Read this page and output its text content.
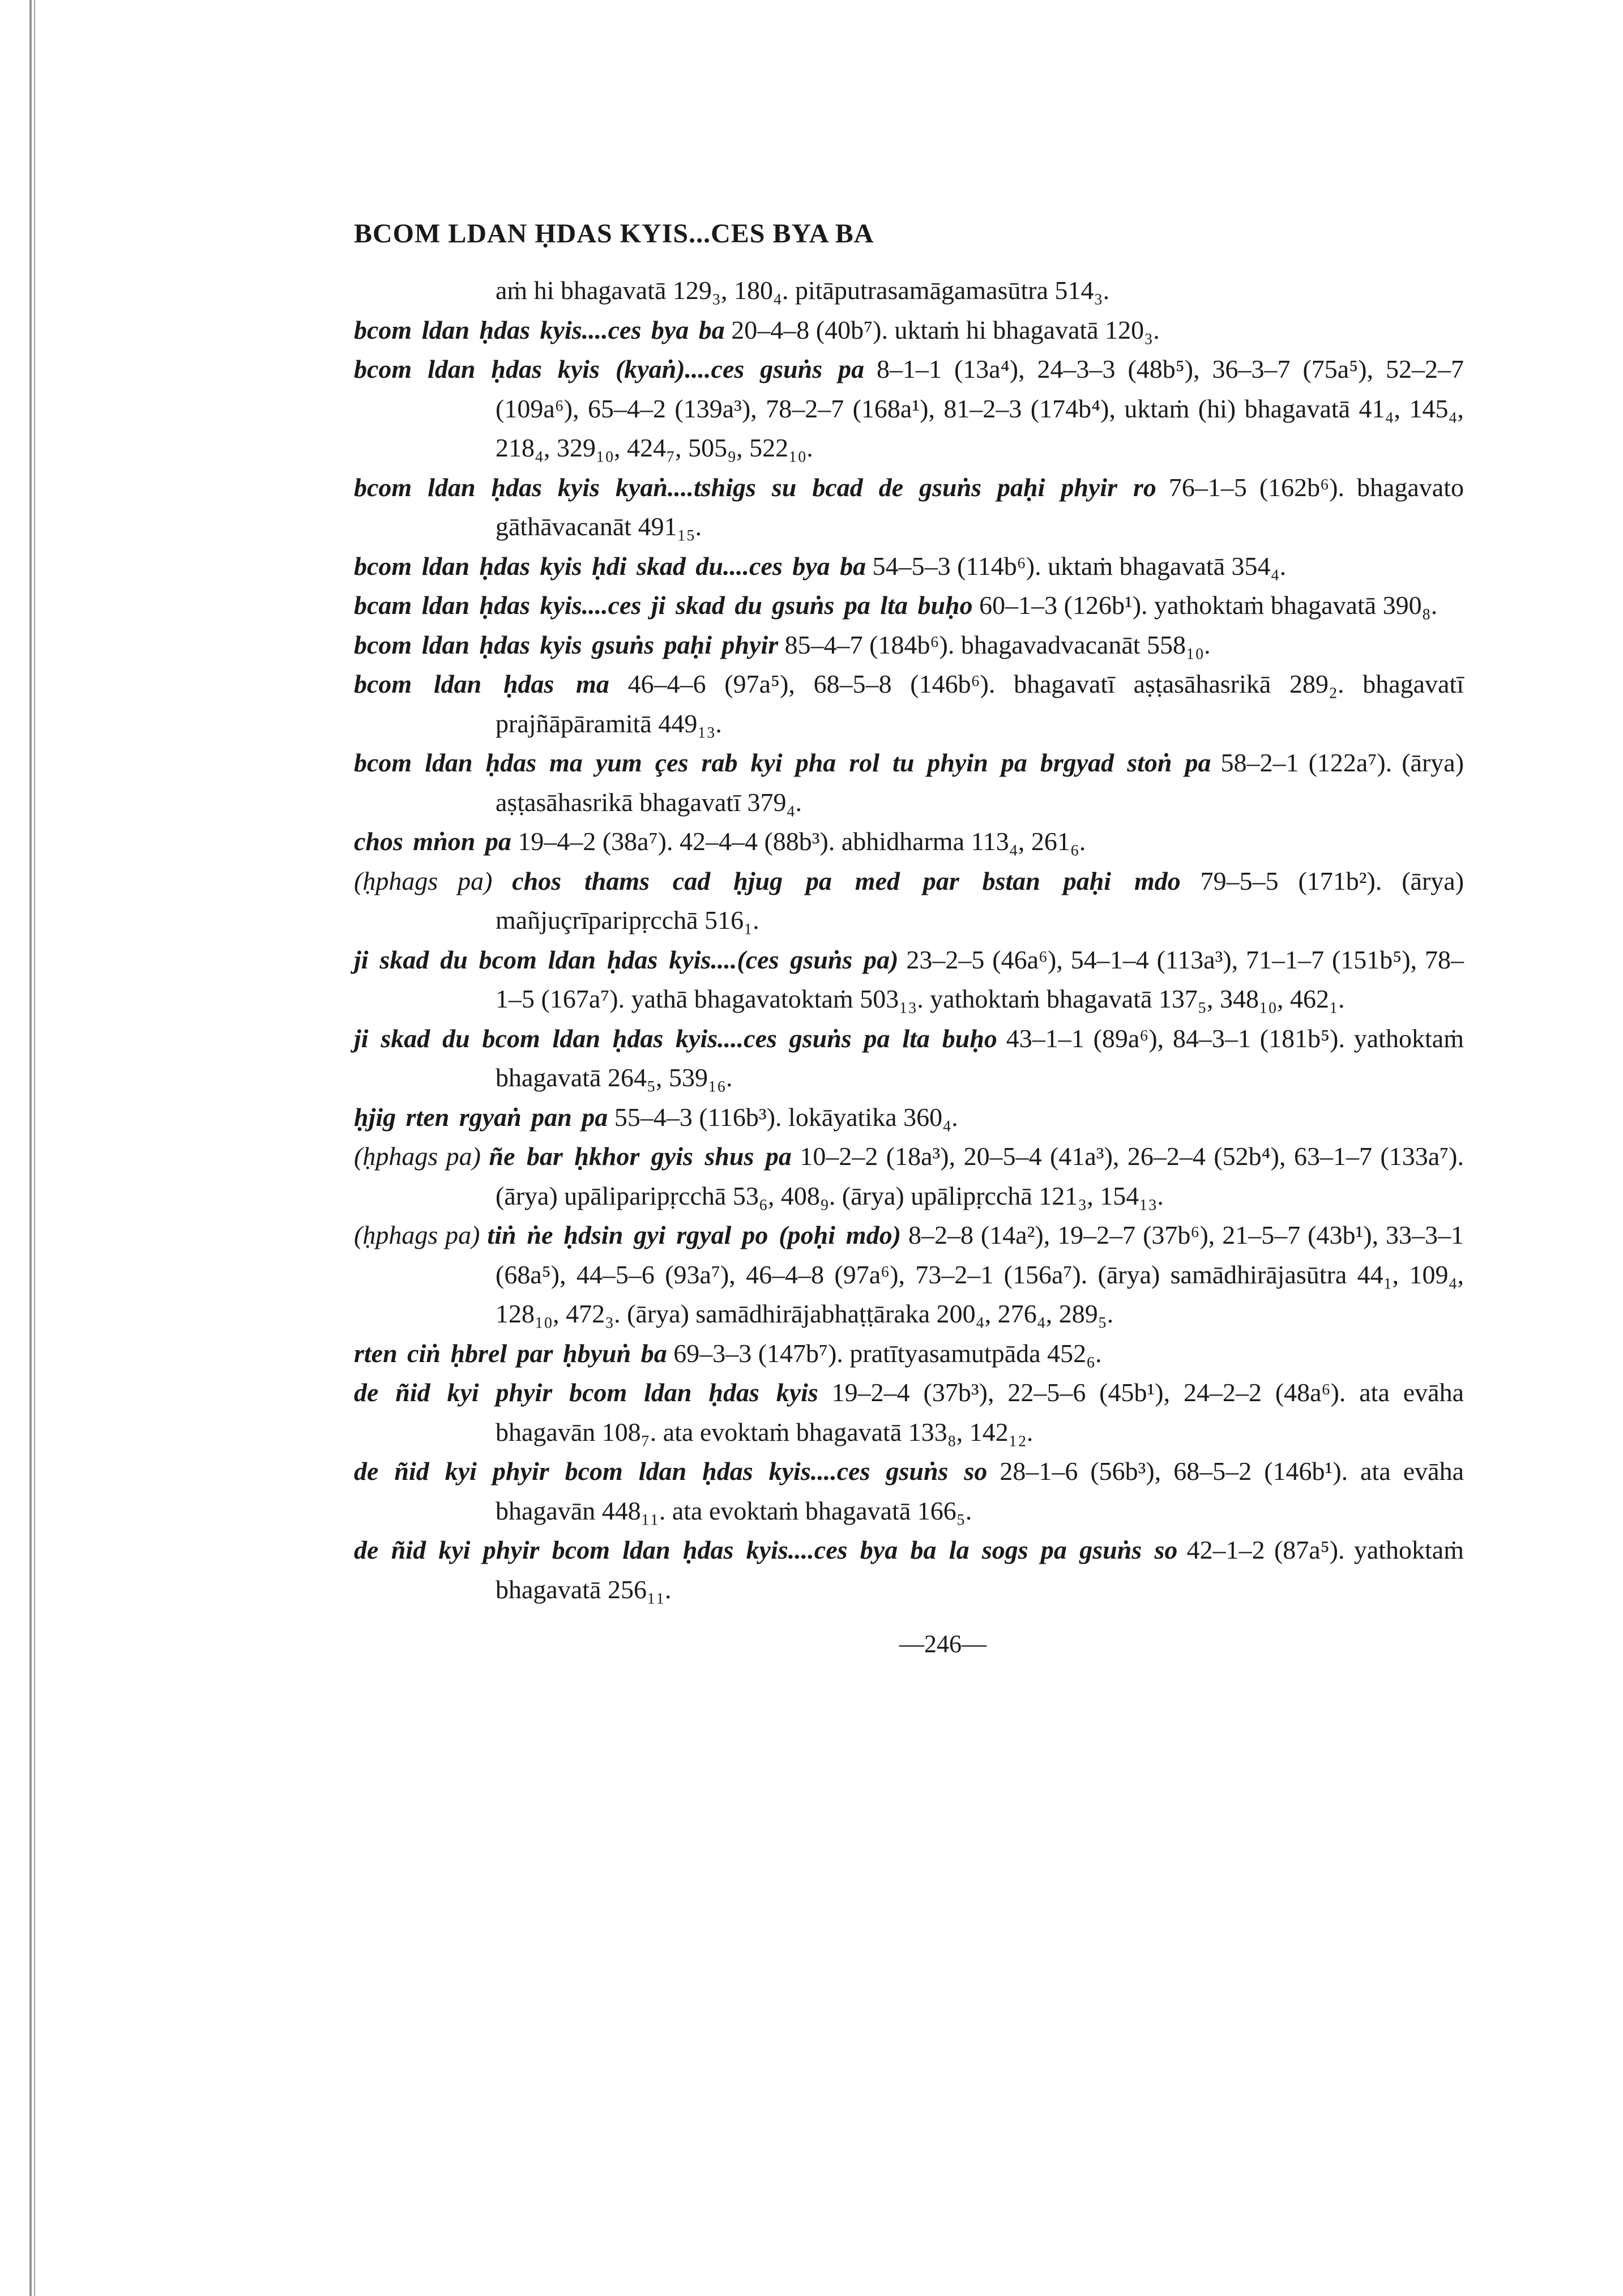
BCOM LDAN ḤDAS KYIS...CES BYA BA

aṁ hi bhagavatā 129₃, 180₄. pitāputrasamāgamasūtra 514₃.

bcom ldan ḥdas kyis....ces bya ba 20–4–8 (40b⁷). uktaṁ hi bhagavatā 120₃.

bcom ldan ḥdas kyis (kyaṅ)....ces gsuṅs pa 8–1–1 (13a⁴), 24–3–3 (48b⁵), 36–3–7 (75a⁵), 52–2–7 (109a⁶), 65–4–2 (139a³), 78–2–7 (168a¹), 81–2–3 (174b⁴), uktaṁ (hi) bhagavatā 41₄, 145₄, 218₄, 329₁₀, 424₇, 505₉, 522₁₀.

bcom ldan ḥdas kyis kyaṅ....tshigs su bcad de gsuṅs paḥi phyir ro 76–1–5 (162b⁶). bhagavato gāthāvacanāt 491₁₅.

bcom ldan ḥdas kyis ḥdi skad du....ces bya ba 54–5–3 (114b⁶). uktaṁ bhagavatā 354₄.

bcam ldan ḥdas kyis....ces ji skad du gsuṅs pa lta buḥo 60–1–3 (126b¹). yathoktaṁ bhagavatā 390₈.

bcom ldan ḥdas kyis gsuṅs paḥi phyir 85–4–7 (184b⁶). bhagavadvacanāt 558₁₀.

bcom ldan ḥdas ma 46–4–6 (97a⁵), 68–5–8 (146b⁶). bhagavatī aṣṭasāhasrikā 289₂. bhagavatī prajñāpāramitā 449₁₃.

bcom ldan ḥdas ma yum çes rab kyi pha rol tu phyin pa brgyad stoṅ pa 58–2–1 (122a⁷). (ārya) aṣṭasāhasrikā bhagavatī 379₄.

chos mṅon pa 19–4–2 (38a⁷). 42–4–4 (88b³). abhidharma 113₄, 261₆.

(ḥphags pa) chos thams cad ḥjug pa med par bstan paḥi mdo 79–5–5 (171b²). (ārya) mañjuçrīparipṛcchā 516₁.

ji skad du bcom ldan ḥdas kyis....(ces gsuṅs pa) 23–2–5 (46a⁶), 54–1–4 (113a³), 71–1–7 (151b⁵), 78–1–5 (167a⁷). yathā bhagavatoktaṁ 503₁₃. yathoktaṁ bhagavatā 137₅, 348₁₀, 462₁.

ji skad du bcom ldan ḥdas kyis....ces gsuṅs pa lta buḥo 43–1–1 (89a⁶), 84–3–1 (181b⁵). yathoktaṁ bhagavatā 264₅, 539₁₆.

ḥjig rten rgyaṅ pan pa 55–4–3 (116b³). lokāyatika 360₄.

(ḥphags pa) ñe bar ḥkhor gyis shus pa 10–2–2 (18a³), 20–5–4 (41a³), 26–2–4 (52b⁴), 63–1–7 (133a⁷). (ārya) upāliparipṛcchā 53₆, 408₉. (ārya) upālipṛcchā 121₃, 154₁₃.

(ḥphags pa) tiṅ ṅe ḥdsin gyi rgyal po (poḥi mdo) 8–2–8 (14a²), 19–2–7 (37b⁶), 21–5–7 (43b¹), 33–3–1 (68a⁵), 44–5–6 (93a⁷), 46–4–8 (97a⁶), 73–2–1 (156a⁷). (ārya) samādhirājasūtra 44₁, 109₄, 128₁₀, 472₃. (ārya) samādhirājabhaṭṭāraka 200₄, 276₄, 289₅.

rten ciṅ ḥbrel par ḥbyuṅ ba 69–3–3 (147b⁷). pratītyasamutpāda 452₆.

de ñid kyi phyir bcom ldan ḥdas kyis 19–2–4 (37b³), 22–5–6 (45b¹), 24–2–2 (48a⁶). ata evāha bhagavān 108₇. ata evoktaṁ bhagavatā 133₈, 142₁₂.

de ñid kyi phyir bcom ldan ḥdas kyis....ces gsuṅs so 28–1–6 (56b³), 68–5–2 (146b¹). ata evāha bhagavān 448₁₁. ata evoktaṁ bhagavatā 166₅.

de ñid kyi phyir bcom ldan ḥdas kyis....ces bya ba la sogs pa gsuṅs so 42–1–2 (87a⁵). yathoktaṁ bhagavatā 256₁₁.

—246—
